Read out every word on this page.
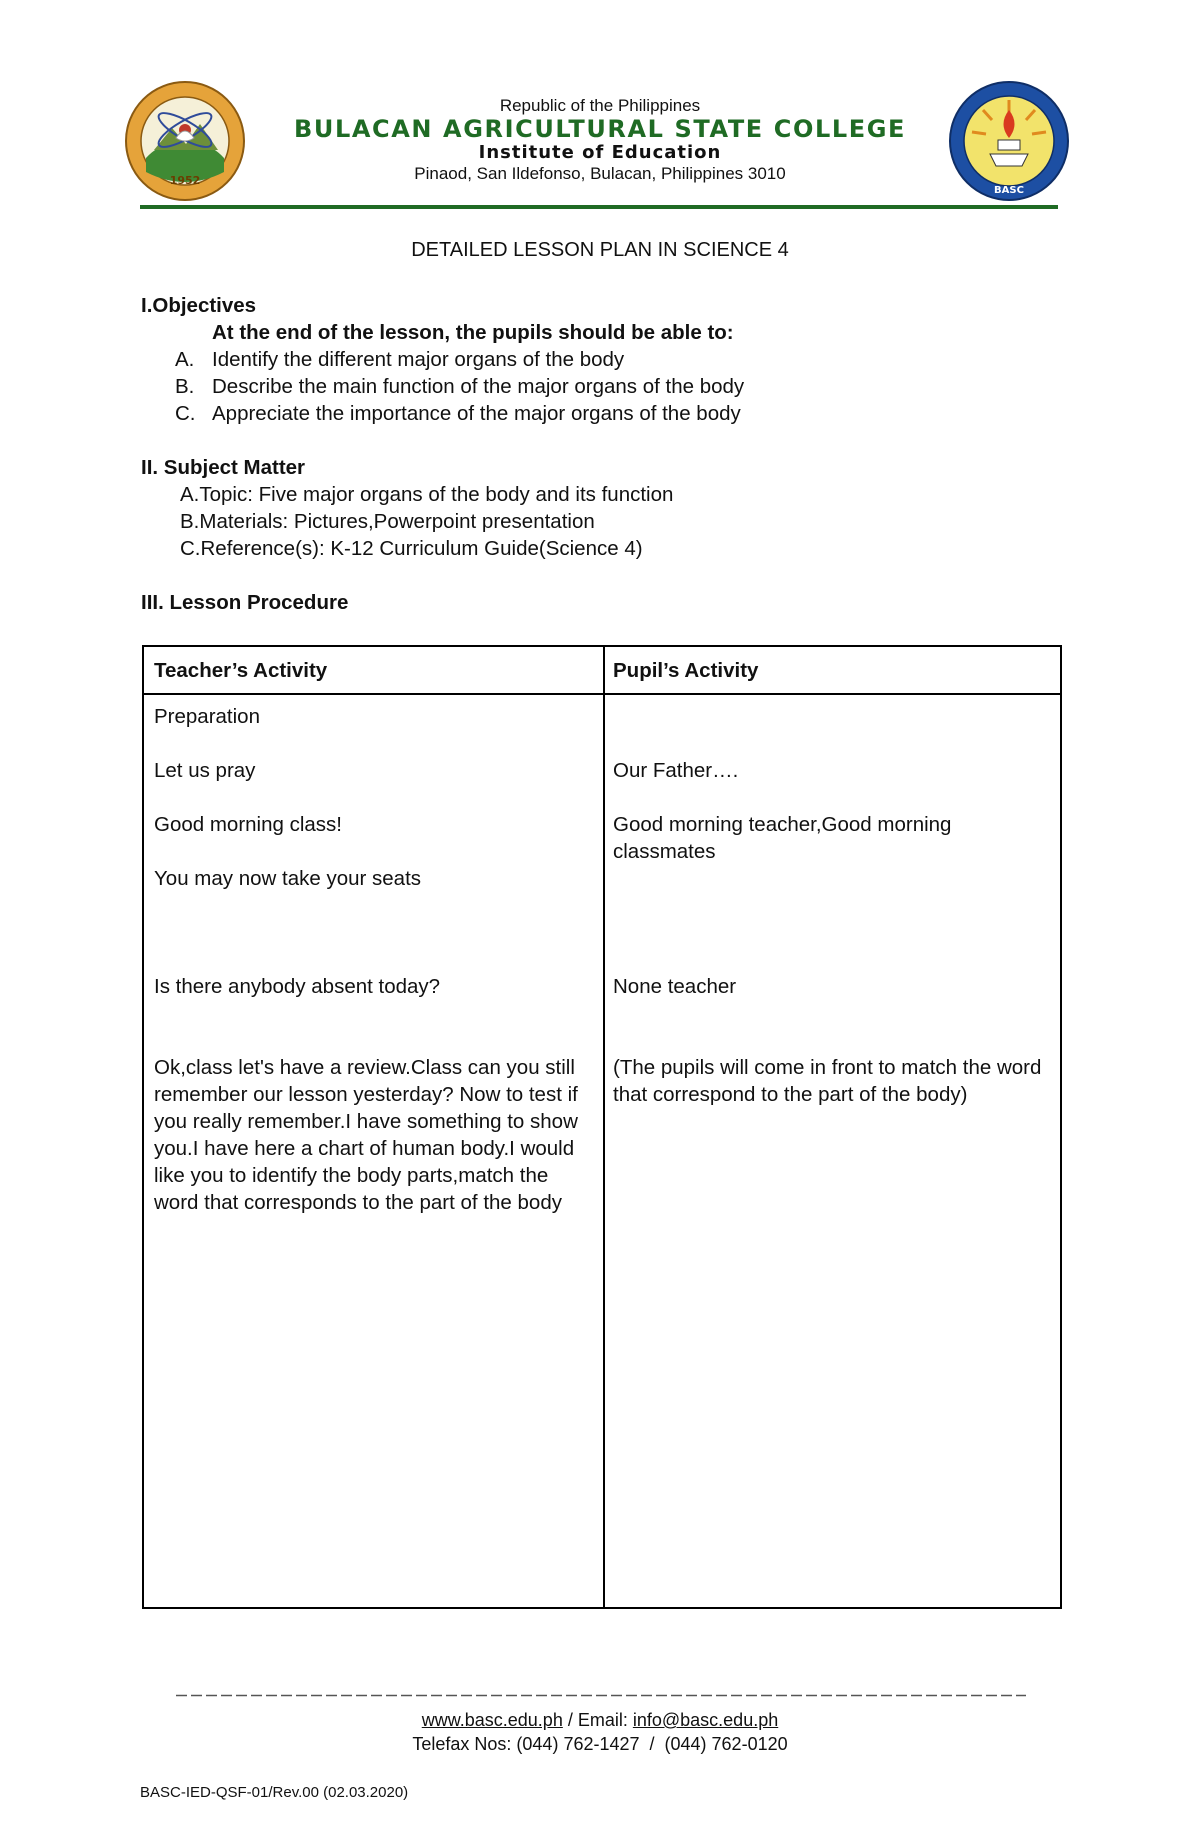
1952
Republic of the Philippines
BULACAN AGRICULTURAL STATE COLLEGE
Institute of Education
Pinaod, San Ildefonso, Bulacan, Philippines 3010
BASC
DETAILED LESSON PLAN IN SCIENCE 4
I.Objectives
At the end of the lesson, the pupils should be able to:
A. Identify the different major organs of the body
B. Describe the main function of the major organs of the body
C. Appreciate the importance of the major organs of the body
II. Subject Matter
A.Topic: Five major organs of the body and its function
B.Materials: Pictures,Powerpoint presentation
C.Reference(s): K-12 Curriculum Guide(Science 4)
III. Lesson Procedure
Teacher’s Activity	Pupil’s Activity
Preparation
Let us pray
Good morning class!
You may now take your seats
Is there anybody absent today?
Ok,class let's have a review.Class can you still remember our lesson yesterday? Now to test if you really remember.I have something to show you.I have here a chart of human body.I would like you to identify the body parts,match the word that corresponds to the part of the body
Our Father….
Good morning teacher,Good morning classmates
None teacher
(The pupils will come in front to match the word that correspond to the part of the body)
www.basc.edu.ph / Email: info@basc.edu.ph
Telefax Nos: (044) 762-1427  /  (044) 762-0120
BASC-IED-QSF-01/Rev.00 (02.03.2020)
